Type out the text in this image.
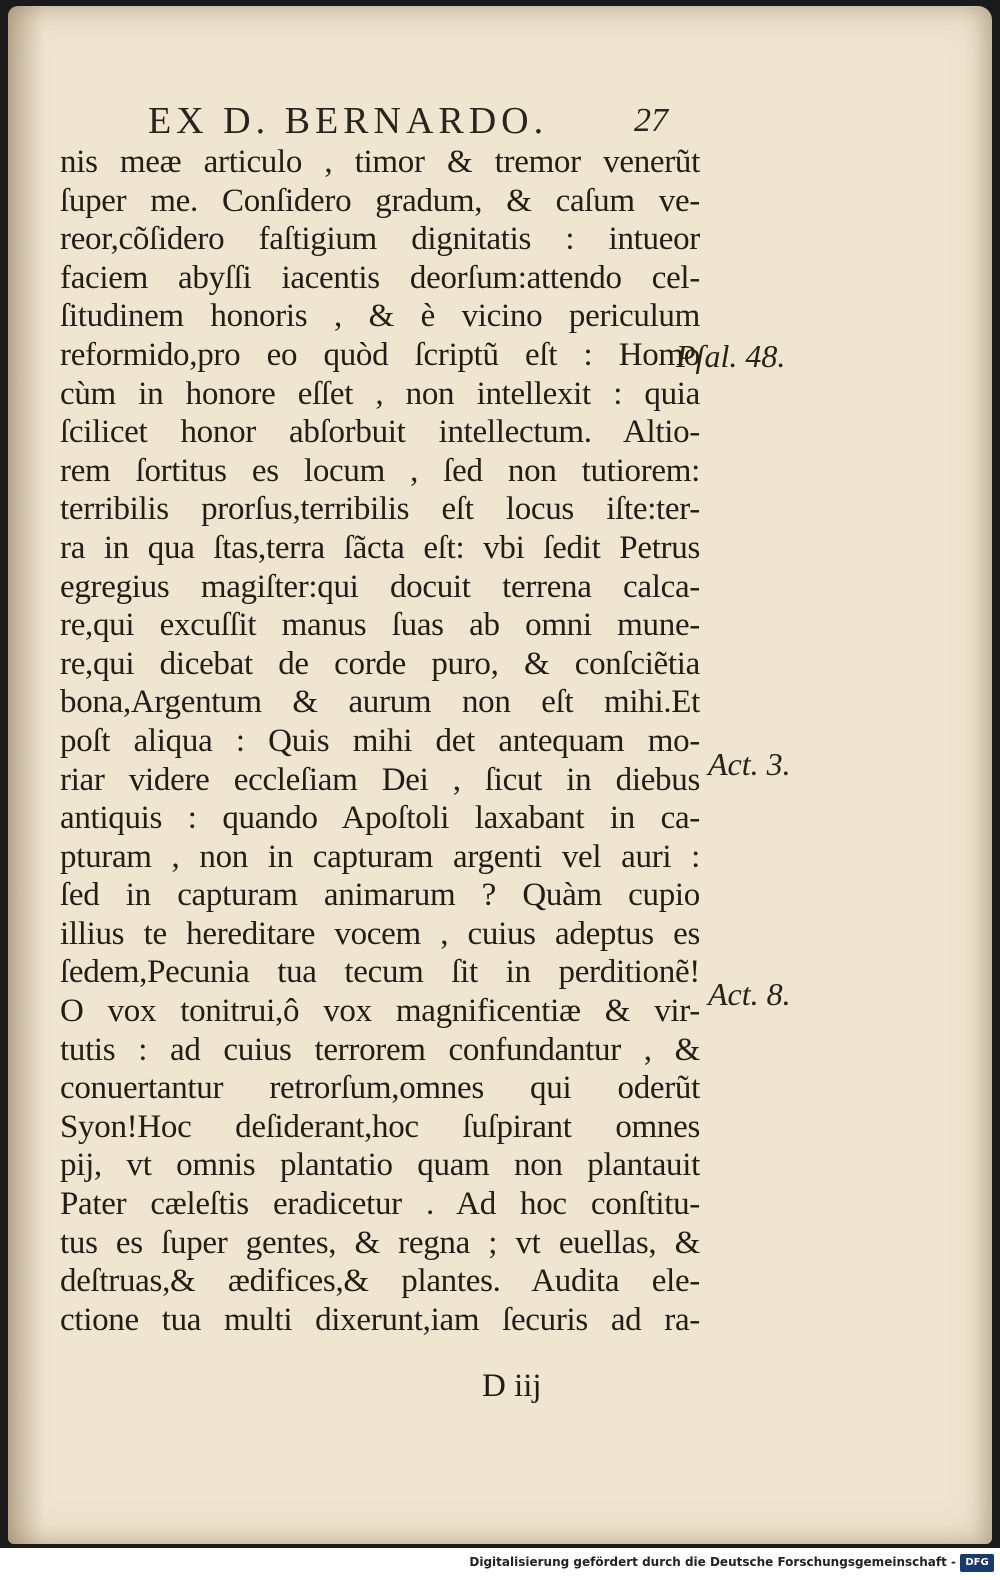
EX D. BERNARDO.	27
nis meæ articulo , timor & tremor venerũt
ſuper me. Conſidero gradum, & caſum ve-
reor,cõſidero faſtigium dignitatis : intueor
faciem abyſſi iacentis deorſum:attendo cel-
ſitudinem honoris , & è vicino periculum
reformido,pro eo quòd ſcriptũ eſt : Homo
cùm in honore eſſet , non intellexit : quia
ſcilicet honor abſorbuit intellectum. Altio-
rem ſortitus es locum , ſed non tutiorem:
terribilis prorſus,terribilis eſt locus iſte:ter-
ra in qua ſtas,terra ſãcta eſt: vbi ſedit Petrus
egregius magiſter:qui docuit terrena calca-
re,qui excuſſit manus ſuas ab omni mune-
re,qui dicebat de corde puro, & conſciẽtia
bona,Argentum & aurum non eſt mihi.Et
poſt aliqua : Quis mihi det antequam mo-
riar videre eccleſiam Dei , ſicut in diebus
antiquis : quando Apoſtoli laxabant in ca-
pturam , non in capturam argenti vel auri :
ſed in capturam animarum ? Quàm cupio
illius te hereditare vocem , cuius adeptus es
ſedem,Pecunia tua tecum ſit in perditionẽ!
O vox tonitrui,ô vox magnificentiæ & vir-
tutis : ad cuius terrorem confundantur , &
conuertantur retrorſum,omnes qui oderũt
Syon!Hoc deſiderant,hoc ſuſpirant omnes
pij, vt omnis plantatio quam non plantauit
Pater cæleſtis eradicetur . Ad hoc conſtitu-
tus es ſuper gentes, & regna ; vt euellas, &
deſtruas,& ædifices,& plantes. Audita ele-
ctione tua multi dixerunt,iam ſecuris ad ra-
Pſal. 48.
Act. 3.
Act. 8.
D iij
Digitalisierung gefördert durch die Deutsche Forschungsgemeinschaft - DFG
